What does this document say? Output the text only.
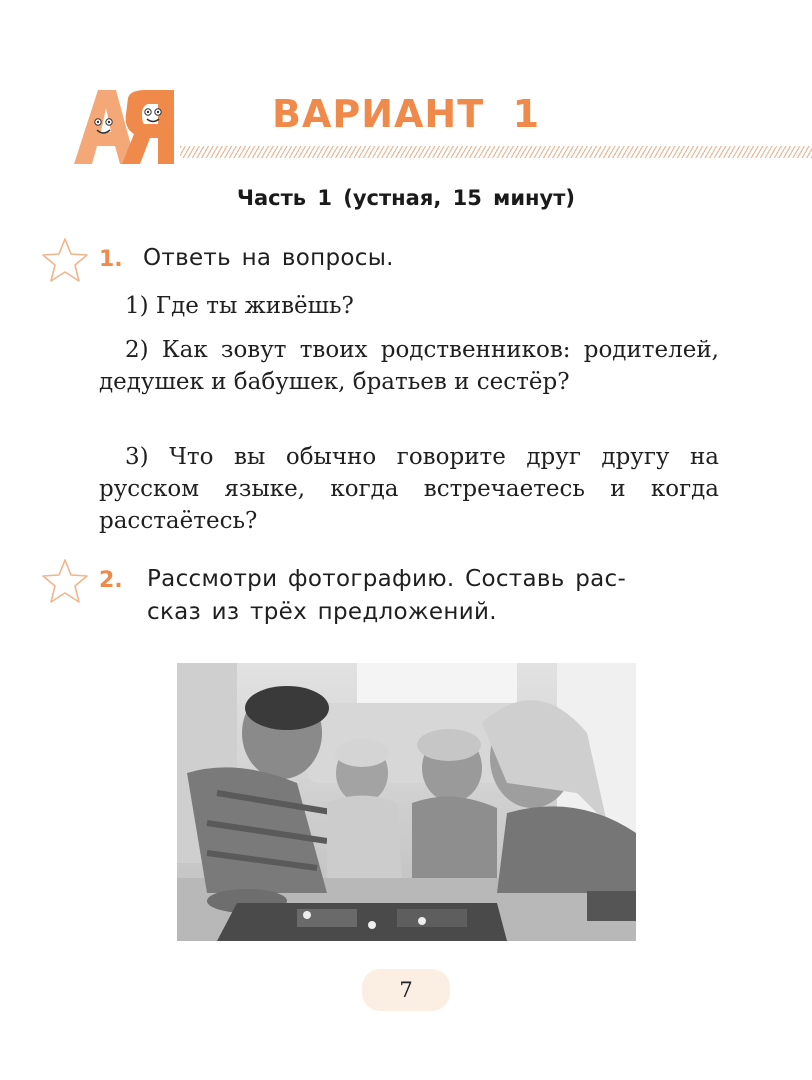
ВАРИАНТ  1
Часть 1 (устная, 15 минут)
1. Ответь на вопросы.
1) Где ты живёшь?
2) Как зовут твоих родственников: родителей, дедушек и бабушек, братьев и сестёр?
3) Что вы обычно говорите друг другу на русском языке, когда встречаетесь и когда расстаётесь?
2. Рассмотри фотографию. Составь рас-
сказ из трёх предложений.
7
